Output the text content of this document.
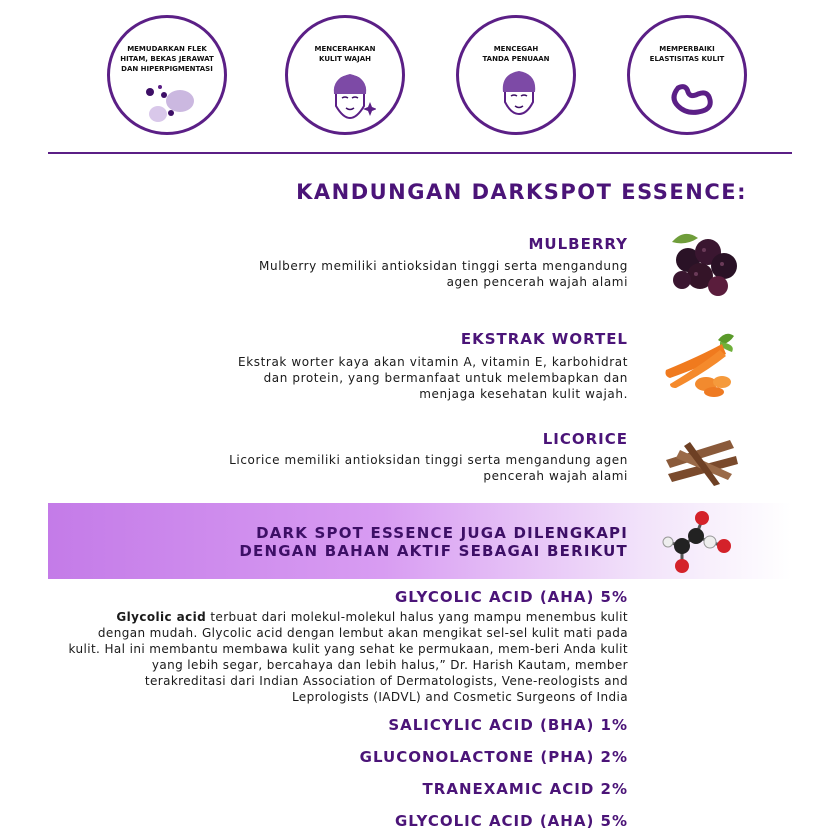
MEMUDARKAN FLEK
HITAM, BEKAS JERAWAT
DAN HIPERPIGMENTASI
MENCERAHKAN
KULIT WAJAH
MENCEGAH
TANDA PENUAAN
MEMPERBAIKI
ELASTISITAS KULIT
KANDUNGAN DARKSPOT ESSENCE:
MULBERRY
Mulberry memiliki antioksidan tinggi serta mengandung
agen pencerah wajah alami
EKSTRAK WORTEL
Ekstrak worter kaya akan vitamin A, vitamin E, karbohidrat
dan protein, yang bermanfaat untuk melembapkan dan
menjaga kesehatan kulit wajah.
LICORICE
Licorice memiliki antioksidan tinggi serta mengandung agen
pencerah wajah alami
DARK SPOT ESSENCE JUGA DILENGKAPI
DENGAN BAHAN AKTIF SEBAGAI BERIKUT
GLYCOLIC ACID (AHA) 5%
Glycolic acid terbuat dari molekul-molekul halus yang mampu menembus kulit dengan mudah. Glycolic acid dengan lembut akan mengikat sel-sel kulit mati pada kulit. Hal ini membantu membawa kulit yang sehat ke permukaan, mem-beri Anda kulit yang lebih segar, bercahaya dan lebih halus,” Dr. Harish Kautam, member terakreditasi dari Indian Association of Dermatologists, Vene-reologists and Leprologists (IADVL) and Cosmetic Surgeons of India
SALICYLIC ACID (BHA) 1%
GLUCONOLACTONE (PHA) 2%
TRANEXAMIC ACID 2%
GLYCOLIC ACID (AHA) 5%
